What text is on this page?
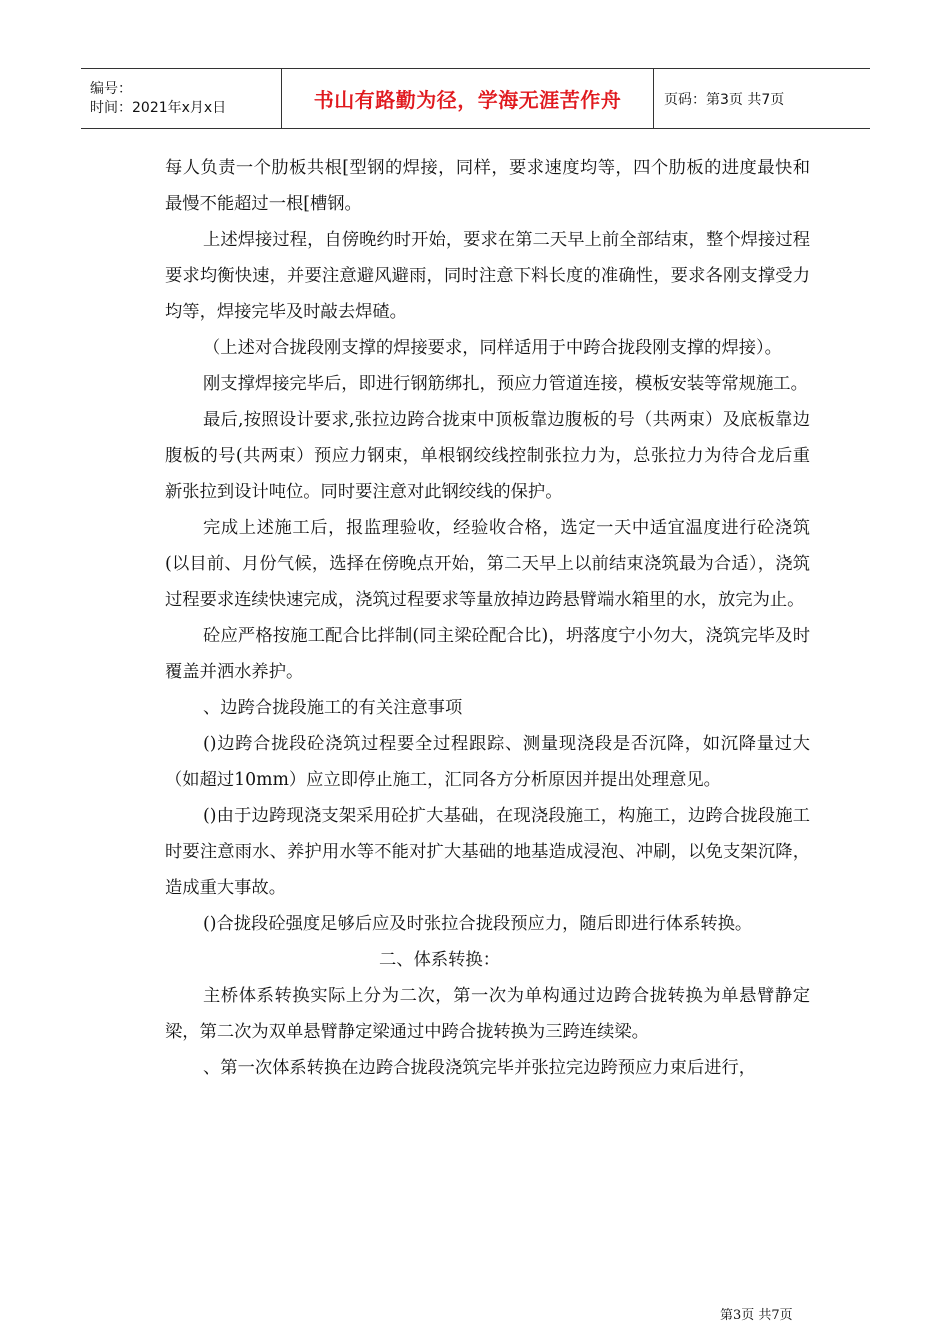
编号：
时间：2021年x月x日	书山有路勤为径，学海无涯苦作舟	页码：第3页 共7页

每人负责一个肋板共根[型钢的焊接，同样，要求速度均等，四个肋板的进度最快和最慢不能超过一根[槽钢。

上述焊接过程，自傍晚约时开始，要求在第二天早上前全部结束，整个焊接过程要求均衡快速，并要注意避风避雨，同时注意下料长度的准确性，要求各刚支撑受力均等，焊接完毕及时敲去焊碴。

（上述对合拢段刚支撑的焊接要求，同样适用于中跨合拢段刚支撑的焊接）。

刚支撑焊接完毕后，即进行钢筋绑扎，预应力管道连接，模板安装等常规施工。

最后,按照设计要求,张拉边跨合拢束中顶板靠边腹板的号（共两束）及底板靠边腹板的号(共两束）预应力钢束，单根钢绞线控制张拉力为，总张拉力为待合龙后重新张拉到设计吨位。同时要注意对此钢绞线的保护。

完成上述施工后，报监理验收，经验收合格，选定一天中适宜温度进行砼浇筑(以目前、月份气候，选择在傍晚点开始，第二天早上以前结束浇筑最为合适），浇筑过程要求连续快速完成，浇筑过程要求等量放掉边跨悬臂端水箱里的水，放完为止。

砼应严格按施工配合比拌制(同主梁砼配合比)，坍落度宁小勿大，浇筑完毕及时覆盖并洒水养护。

、边跨合拢段施工的有关注意事项

()边跨合拢段砼浇筑过程要全过程跟踪、测量现浇段是否沉降，如沉降量过大（如超过10mm）应立即停止施工，汇同各方分析原因并提出处理意见。

()由于边跨现浇支架采用砼扩大基础，在现浇段施工，构施工，边跨合拢段施工时要注意雨水、养护用水等不能对扩大基础的地基造成浸泡、冲刷，以免支架沉降，造成重大事故。

()合拢段砼强度足够后应及时张拉合拢段预应力，随后即进行体系转换。

二、体系转换：

主桥体系转换实际上分为二次，第一次为单构通过边跨合拢转换为单悬臂静定梁，第二次为双单悬臂静定梁通过中跨合拢转换为三跨连续梁。

、第一次体系转换在边跨合拢段浇筑完毕并张拉完边跨预应力束后进行，

第3页 共7页
